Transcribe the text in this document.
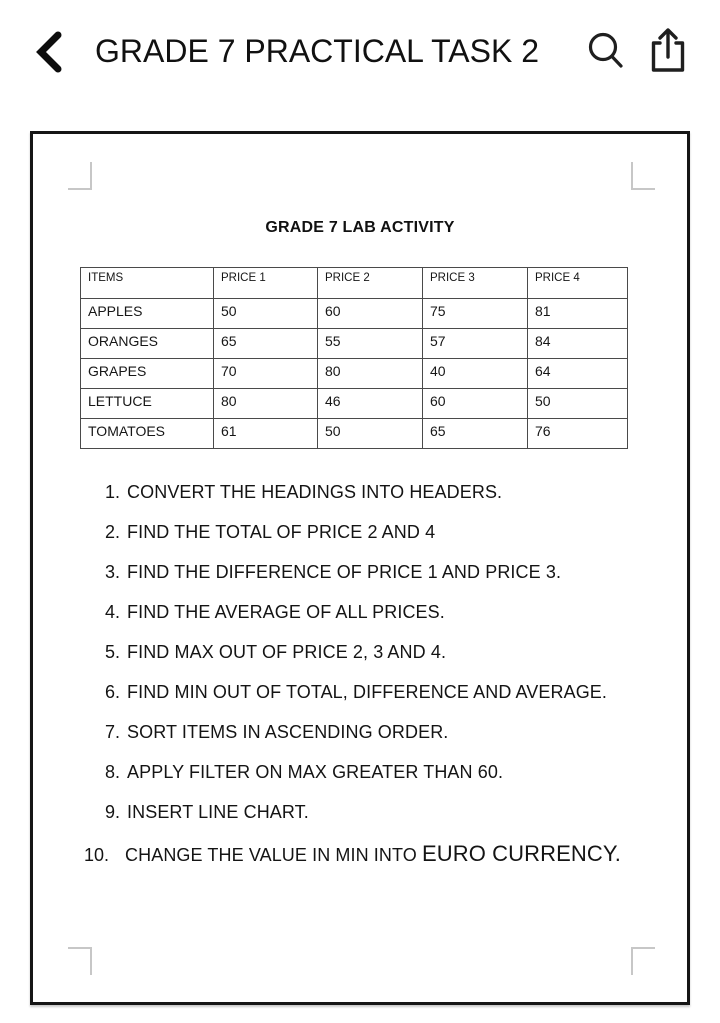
GRADE 7 PRACTICAL TASK 2
GRADE 7 LAB ACTIVITY
ITEMS	PRICE 1	PRICE 2	PRICE 3	PRICE 4
APPLES	50	60	75	81
ORANGES	65	55	57	84
GRAPES	70	80	40	64
LETTUCE	80	46	60	50
TOMATOES	61	50	65	76
1. CONVERT THE HEADINGS INTO HEADERS.
2. FIND THE TOTAL OF PRICE 2 AND 4
3. FIND THE DIFFERENCE OF PRICE 1 AND PRICE 3.
4. FIND THE AVERAGE OF ALL PRICES.
5. FIND MAX OUT OF PRICE 2, 3 AND 4.
6. FIND MIN OUT OF TOTAL, DIFFERENCE AND AVERAGE.
7. SORT ITEMS IN ASCENDING ORDER.
8. APPLY FILTER ON MAX GREATER THAN 60.
9. INSERT LINE CHART.
10. CHANGE THE VALUE IN MIN INTO EURO CURRENCY.
